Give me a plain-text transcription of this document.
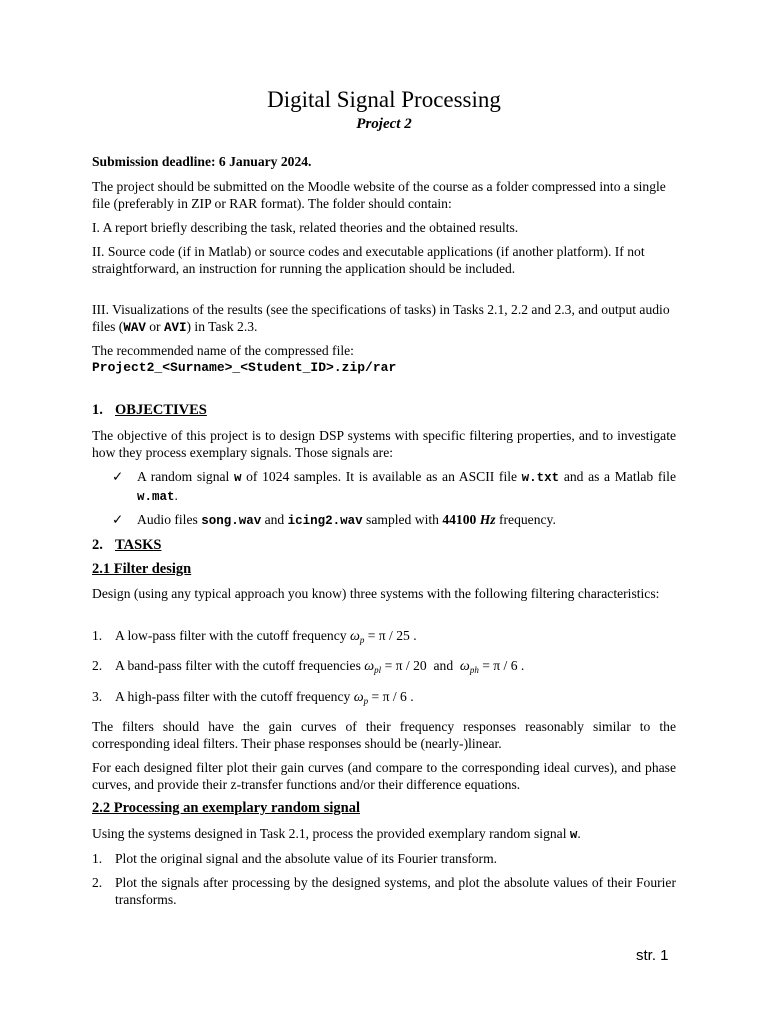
Digital Signal Processing
Project 2
Submission deadline: 6 January 2024.
The project should be submitted on the Moodle website of the course as a folder compressed into a single file (preferably in ZIP or RAR format). The folder should contain:
I. A report briefly describing the task, related theories and the obtained results.
II. Source code (if in Matlab) or source codes and executable applications (if another platform). If not straightforward, an instruction for running the application should be included.
III. Visualizations of the results (see the specifications of tasks) in Tasks 2.1, 2.2 and 2.3, and output audio files (WAV or AVI) in Task 2.3.
The recommended name of the compressed file:
Project2_<Surname>_<Student_ID>.zip/rar
1. OBJECTIVES
The objective of this project is to design DSP systems with specific filtering properties, and to investigate how they process exemplary signals. Those signals are:
✓ A random signal w of 1024 samples. It is available as an ASCII file w.txt and as a Matlab file w.mat.
✓ Audio files song.wav and icing2.wav sampled with 44100 Hz frequency.
2. TASKS
2.1 Filter design
Design (using any typical approach you know) three systems with the following filtering characteristics:
1. A low-pass filter with the cutoff frequency $\omega_p = \pi / 25$ .
2. A band-pass filter with the cutoff frequencies $\omega_{pl} = \pi / 20$  and  $\omega_{ph} = \pi / 6$ .
3. A high-pass filter with the cutoff frequency $\omega_p = \pi / 6$ .
The filters should have the gain curves of their frequency responses reasonably similar to the corresponding ideal filters. Their phase responses should be (nearly-)linear.
For each designed filter plot their gain curves (and compare to the corresponding ideal curves), and phase curves, and provide their z-transfer functions and/or their difference equations.
2.2 Processing an exemplary random signal
Using the systems designed in Task 2.1, process the provided exemplary random signal w.
1. Plot the original signal and the absolute value of its Fourier transform.
2. Plot the signals after processing by the designed systems, and plot the absolute values of their Fourier transforms.
str. 1
